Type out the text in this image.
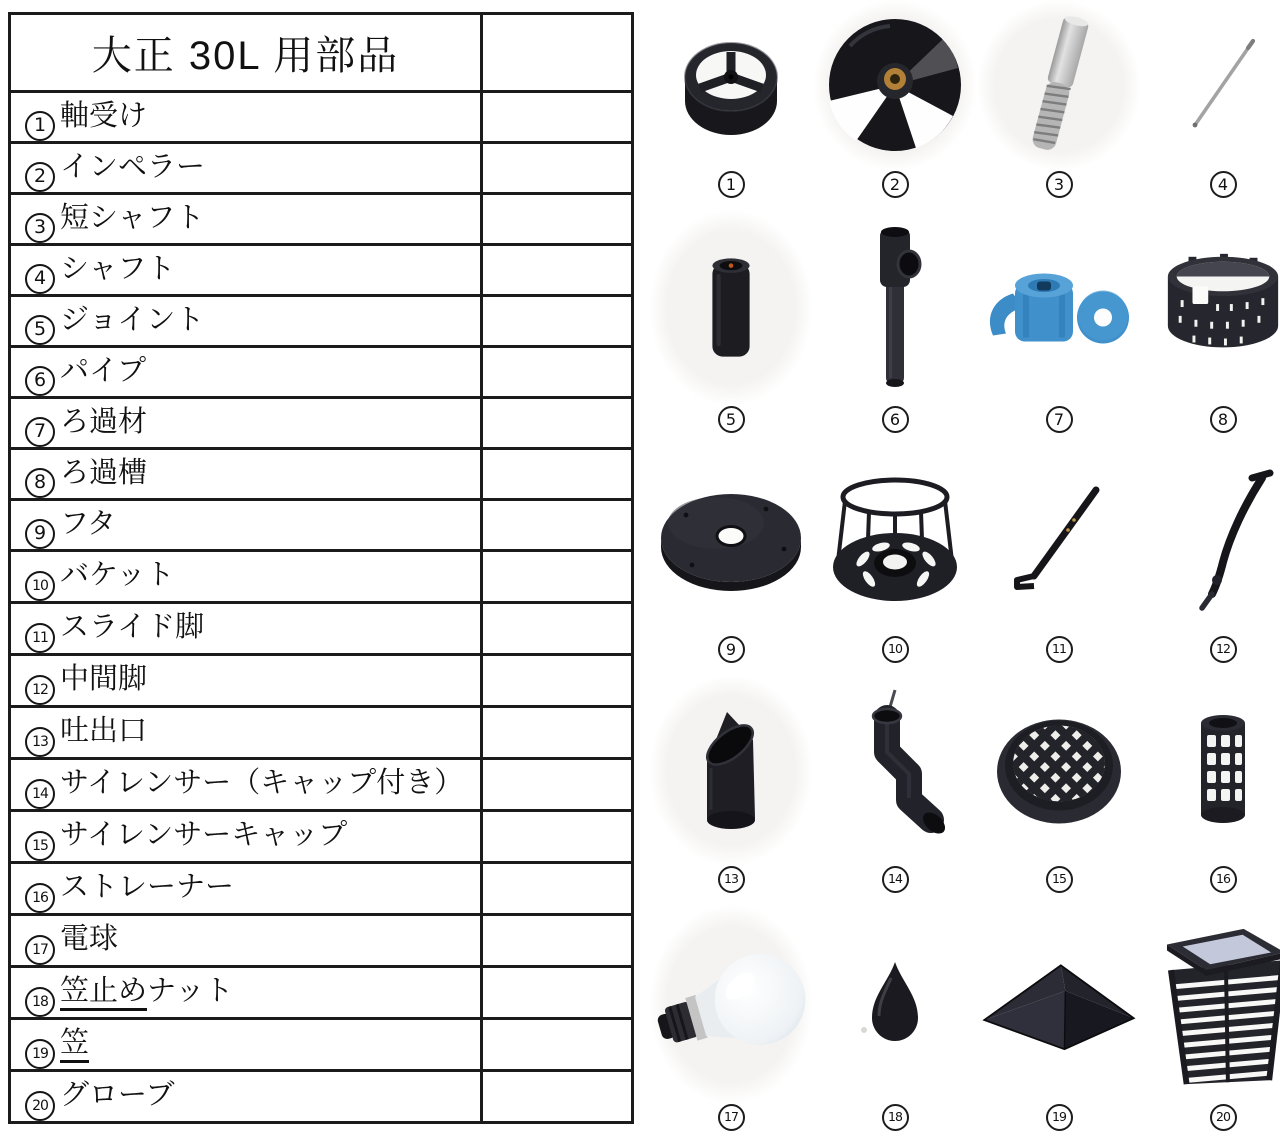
大正 30L 用部品	
1 軸受け	
2 インペラー	
3 短シャフト	
4 シャフト	
5 ジョイント	
6 パイプ	
7 ろ過材	
8 ろ過槽	
9 フタ	
10 バケット	
11 スライド脚	
12 中間脚	
13 吐出口	
14 サイレンサー（キャップ付き）	
15 サイレンサーキャップ	
16 ストレーナー	
17 電球	
18 笠止めナット	
19 笠	
20 グローブ	
1	2	3	4
5	6	7	8
9	10	11	12
13	14	15	16
17	18	19	20
